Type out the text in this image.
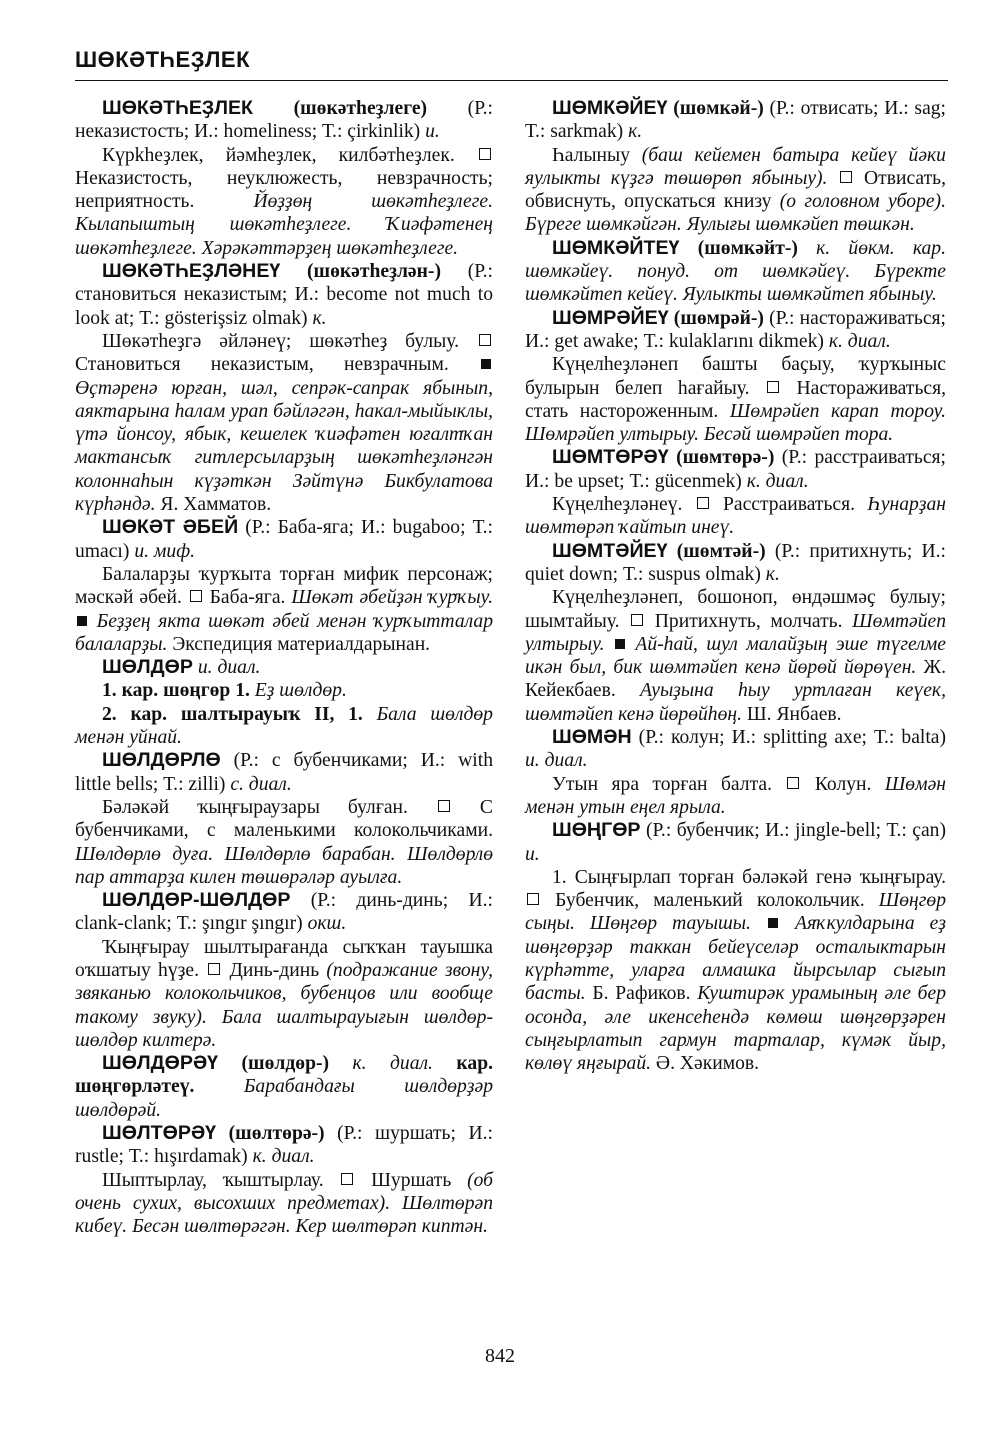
ШӨКӘТҺЕҘЛЕК

ШӨКӘТҺЕҘЛЕК (шөкәтһеҙлеге) (Р.: неказистость; И.: homeliness; Т.: çirkinlik) и.

Күрkһеҙлек, йәмһеҙлек, килбәтһеҙлек.  Неказистость, неуклюжесть, невзрачность; неприятность. Йөҙҙөң шөкәтһеҙлеге. Кылаnыштың шөкәтһеҙлеге. Ҡиәфәтенең шөкәтһеҙлеге. Хәрәкәттәрҙең шөкәтһеҙлеге.

ШӨКӘТҺЕҘЛӘНЕҮ (шөкәтһеҙлән-) (Р.: становиться неказистым; И.: become not much to look at; Т.: gösterişsiz olmak) к.

Шөкәтһеҙгә әйләнеү; шөкәтһеҙ булыу.  Становиться неказистым, невзрачным.  Өҫтәренә юрған, шәл, сепрәк-сапрак ябынып, аяктарына һалам урап бәйләгән, һакал-мыйыклы, үтә йонсоу, ябык, кешелек ҡиәфәтен юғалтҡан мактансыҡ гитлерсыларҙың шөкәтһеҙләнгән колоннаһын күҙәткән Зәйтүнә Бикбулатова күрһәндә. Я. Хамматов.

ШӨКӘТ ӘБЕЙ (Р.: Баба-яга; И.: bugaboo; Т.: umacı) и. миф.

Балаларҙы ҡурҡыта торған мифик персонаж; мәскәй әбей.  Баба-яга. Шөкәт әбейҙән ҡурҡыу.  Беҙҙең якта шөкәт әбей менән ҡурҡытталар балаларҙы. Экспедиция материалдарынан.

ШӨЛДӨР и. диал.

1. кар. шөңгөр 1. Еҙ шөлдөр.

2. кар. шалтырауыҡ II, 1. Бала шөлдөр менән уйнай.

ШӨЛДӨРЛӨ (Р.: с бубенчиками; И.: with little bells; Т.: zilli) с. диал.

Бәләкәй ҡыңғыраузары булған.  С бубенчиками, с маленькими колокольчиками. Шөлдөрлө дуға. Шөлдөрлө барабан. Шөлдөрлө пар аттарҙа килен төшөрәләр ауылға.

ШӨЛДӨР-ШӨЛДӨР (Р.: динь-динь; И.: clank-clank; Т.: şıngır şıngır) окш.

Ҡыңғырау шылтырағанда сыҡҡан тауышка оҡшатыу һүҙе.  Динь-динь (подражание звону, звяканью колокольчиков, бубенцов или вообще такому звуку). Бала шалтырауығын шөлдөр-шөлдөр килтерә.

ШӨЛДӨРӘҮ (шөлдөр-) к. диал. кар. шөңгөрләтеү. Барабандағы шөлдөрҙәр шөлдөрәй.

ШӨЛТӨРӘҮ (шөлтөрә-) (Р.: шуршать; И.: rustle; Т.: hışırdamak) к. диал.

Шыптырлау, ҡыштырлау.  Шуршать (об очень сухих, высохших предметах). Шөлтөрәп кибеү. Бесән шөлтөрәгән. Кер шөлтөрәп киптән.

ШӨМКӘЙЕҮ (шөмкәй-) (Р.: отвисать; И.: sag; Т.: sarkmak) к.

Һалыныу (баш кейемен батыра кейеү йәки яулыкты күҙгә төшөрөп ябыныу).  Отвисать, обвиснуть, опускаться книзу (о головном уборе). Бүреге шөмкәйгән. Яулығы шөмкәйеп төшкән.

ШӨМКӘЙТЕҮ (шөмкәйт-) к. йөкм. кар. шөмкәйеү. понуд. от шөмкәйеү. Бүректе шөмкәйтеп кейеү. Яулыкты шөмкәйтеп ябыныу.

ШӨМРӘЙЕҮ (шөмрәй-) (Р.: настораживаться; И.: get awake; Т.: kulaklarını dikmek) к. диал.

Күңелһеҙләнеп башты баҫыу, ҡурҡыныс булырын белеп һағайыу.  Настораживаться, стать настороженным. Шөмрәйеп карап тороу. Шөмрәйеп ултырыу. Бесәй шөмрәйеп тора.

ШӨМТӨРӘҮ (шөмтөрә-) (Р.: расстраиваться; И.: be upset; Т.: gücenmek) к. диал.

Күңелһеҙләнеү.  Расстраиваться. Һунарҙан шөмтөрәп ҡайтып инеү.

ШӨМТӘЙЕҮ (шөмтәй-) (Р.: притихнуть; И.: quiet down; Т.: suspus olmak) к.

Күңелһеҙләнеп, бошоноп, өндәшмәҫ булыу; шымтайыу.  Притихнуть, молчать. Шөмтәйеп ултырыу.  Ай-һай, шул малайҙың эше түгелме икән был, бик шөмтәйеп кенә йөрөй йөрөүен. Ж. Кейекбаев. Ауыҙына һыу уртлаған кеүек, шөмтәйеп кенә йөрөйһөң. Ш. Янбаев.

ШӨМӘН (Р.: колун; И.: splitting axe; Т.: balta) и. диал.

Утын яра торған балта.  Колун. Шөмән менән утын еңел ярыла.

ШӨҢГӨР (Р.: бубенчик; И.: jingle-bell; Т.: çan) и.

1. Сыңғырлап торған бәләкәй генә ҡыңғырау.  Бубенчик, маленький колокольчик. Шөңгөр сыңы. Шөңгөр тауышы.  Аяҡкулдарына еҙ шөңгөрҙәр таккан бейеүселәр осталыктарын күрһәтте, уларға алмашка йырсылар сығып басты. Б. Рафиков. Куштирәк урамының әле бер осонда, әле икенсеһендә көмөш шөңгөрҙәрен сыңғырлатып гармун тарталар, күмәк йыр, көлөү яңғырай. Ә. Хәкимов.

842
